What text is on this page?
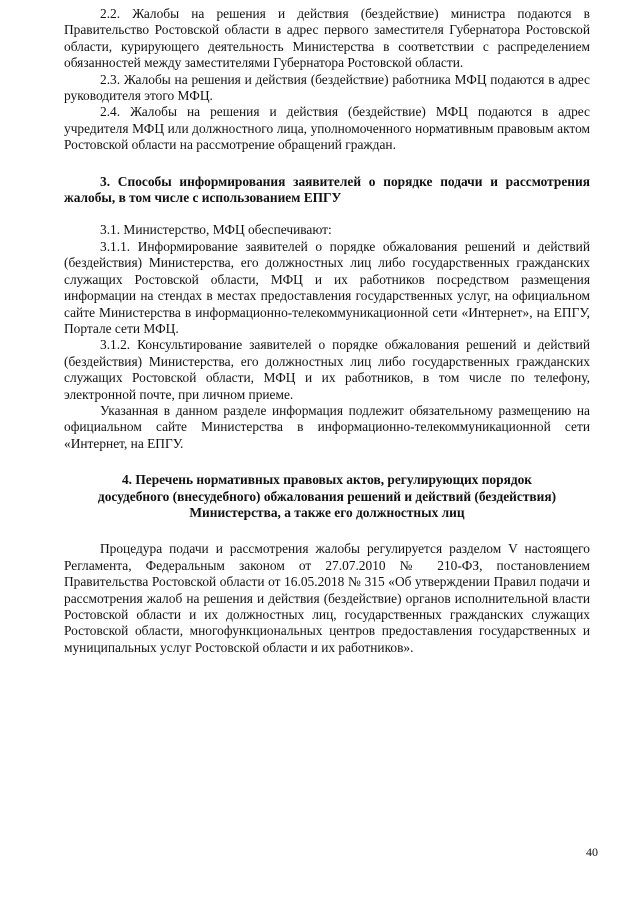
2.2. Жалобы на решения и действия (бездействие) министра подаются в Правительство Ростовской области в адрес первого заместителя Губернатора Ростовской области, курирующего деятельность Министерства в соответствии с распределением обязанностей между заместителями Губернатора Ростовской области.

2.3. Жалобы на решения и действия (бездействие) работника МФЦ подаются в адрес руководителя этого МФЦ.

2.4. Жалобы на решения и действия (бездействие) МФЦ подаются в адрес учредителя МФЦ или должностного лица, уполномоченного нормативным правовым актом Ростовской области на рассмотрение обращений граждан.

3. Способы информирования заявителей о порядке подачи и рассмотрения жалобы, в том числе с использованием ЕПГУ

3.1. Министерство, МФЦ обеспечивают:

3.1.1. Информирование заявителей о порядке обжалования решений и действий (бездействия) Министерства, его должностных лиц либо государственных гражданских служащих Ростовской области, МФЦ и их работников посредством размещения информации на стендах в местах предоставления государственных услуг, на официальном сайте Министерства в информационно-телекоммуникационной сети «Интернет», на ЕПГУ, Портале сети МФЦ.

3.1.2. Консультирование заявителей о порядке обжалования решений и действий (бездействия) Министерства, его должностных лиц либо государственных гражданских служащих Ростовской области, МФЦ и их работников, в том числе по телефону, электронной почте, при личном приеме.

Указанная в данном разделе информация подлежит обязательному размещению на официальном сайте Министерства в информационно-телекоммуникационной сети «Интернет, на ЕПГУ.

4. Перечень нормативных правовых актов, регулирующих порядок

досудебного (внесудебного) обжалования решений и действий (бездействия)

Министерства, а также его должностных лиц

Процедура подачи и рассмотрения жалобы регулируется разделом V настоящего Регламента, Федеральным законом от 27.07.2010 № 210-ФЗ, постановлением Правительства Ростовской области от 16.05.2018 № 315 «Об утверждении Правил подачи и рассмотрения жалоб на решения и действия (бездействие) органов исполнительной власти Ростовской области и их должностных лиц, государственных гражданских служащих Ростовской области, многофункциональных центров предоставления государственных и муниципальных услуг Ростовской области и их работников».

40
